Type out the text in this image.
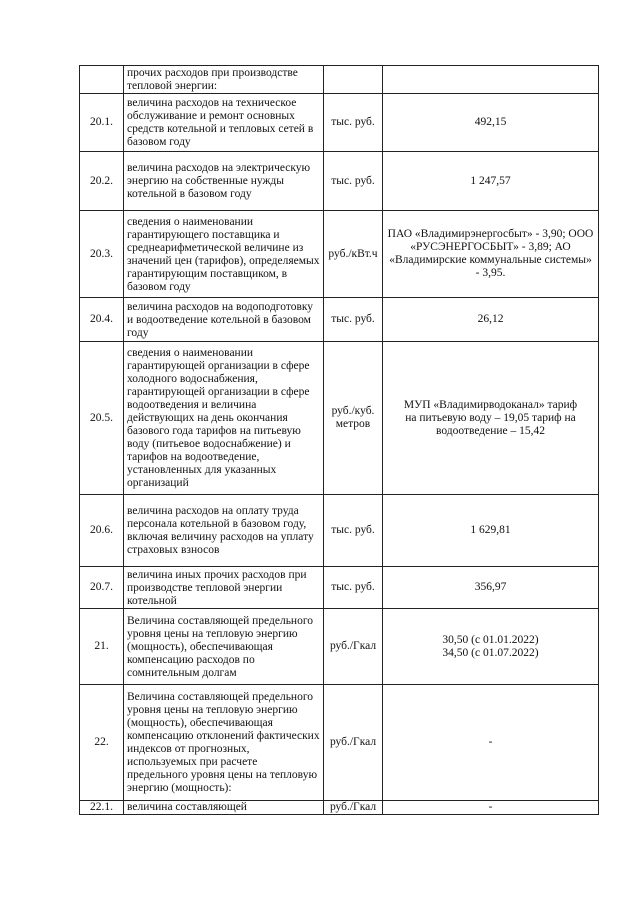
	прочих расходов при производстве тепловой энергии:		

20.1.	величина расходов на техническое обслуживание и ремонт основных средств котельной и тепловых сетей в базовом году	тыс. руб.	492,15
20.2.	величина расходов на электрическую энергию на собственные нужды котельной в базовом году	тыс. руб.	1 247,57
20.3.	сведения о наименовании гарантирующего поставщика и среднеарифметической величине из значений цен (тарифов), определяемых гарантирующим поставщиком, в базовом году	руб./кВт.ч	ПАО «Владимирэнергосбыт» - 3,90; ООО «РУСЭНЕРГОСБЫТ» - 3,89; АО «Владимирские коммунальные системы» - 3,95.

20.4.	величина расходов на водоподготовку и водоотведение котельной в базовом году	тыс. руб.	26,12
20.5.	сведения о наименовании гарантирующей организации в сфере холодного водоснабжения, гарантирующей организации в сфере водоотведения и величина действующих на день окончания базового года тарифов на питьевую воду (питьевое водоснабжение) и тарифов на водоотведение, установленных для указанных организаций	руб./куб. метров	МУП «Владимирводоканал» тариф на питьевую воду – 19,05 тариф на водоотведение – 15,42

20.6.	величина расходов на оплату труда персонала котельной в базовом году, включая величину расходов на уплату страховых взносов	тыс. руб.	1 629,81
20.7.	величина иных прочих расходов при производстве тепловой энергии котельной	тыс. руб.	356,97
21.	Величина составляющей предельного уровня цены на тепловую энергию (мощность), обеспечивающая компенсацию расходов по сомнительным долгам	руб./Гкал	30,50 (с 01.01.2022) 34,50 (с 01.07.2022)

22.	Величина составляющей предельного уровня цены на тепловую энергию (мощность), обеспечивающая компенсацию отклонений фактических индексов от прогнозных, используемых при расчете предельного уровня цены на тепловую энергию (мощность):	руб./Гкал	-
22.1.	величина составляющей	руб./Гкал	-
